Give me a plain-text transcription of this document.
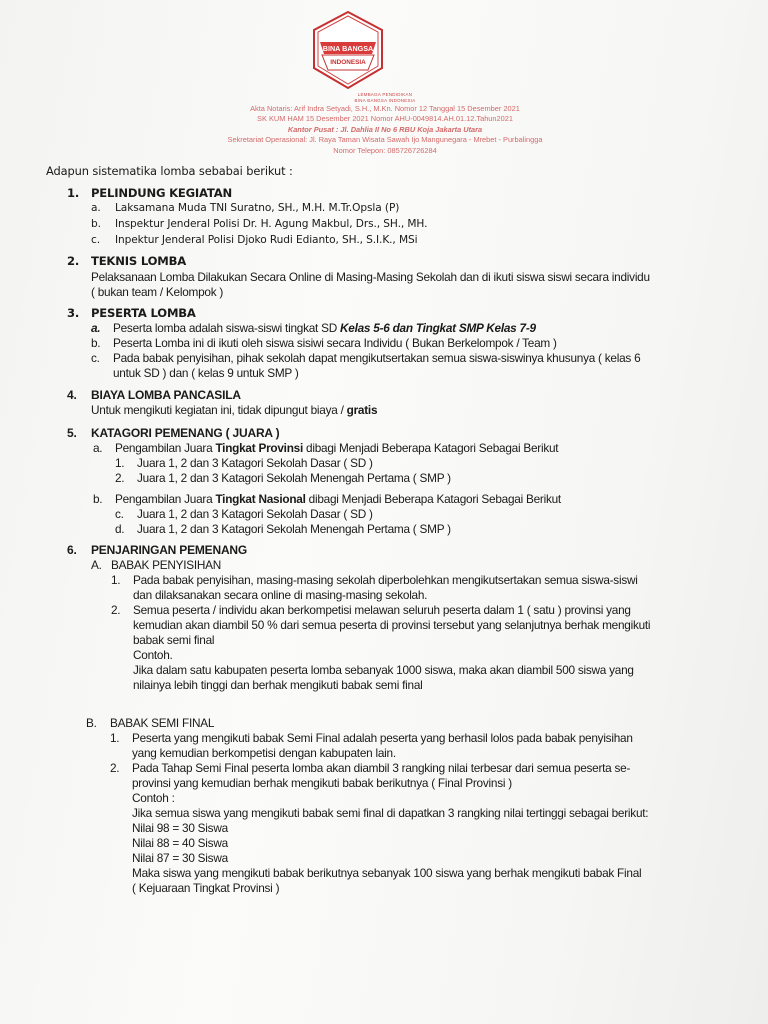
BINA BANGSA
INDONESIA
LEMBAGA PENDIDIKAN
BINA BANGSA INDONESIA
Akta Notaris: Arif Indra Setyadi, S.H., M.Kn. Nomor 12 Tanggal 15 Desember 2021
SK KUM HAM 15 Desember 2021 Nomor AHU-0049814.AH.01.12.Tahun2021
Kantor Pusat : Jl. Dahlia II No 6 RBU Koja Jakarta Utara
Sekretariat Operasional: Jl. Raya Taman Wisata Sawah Ijo Mangunegara - Mrebet - Purbalingga
Nomor Telepon: 085726726284
Adapun sistematika lomba sebabai berikut :
1.	PELINDUNG KEGIATAN
a.	Laksamana Muda TNI Suratno, SH., M.H. M.Tr.Opsla (P)
b.	Inspektur Jenderal Polisi Dr. H. Agung Makbul, Drs., SH., MH.
c.	Inpektur Jenderal Polisi Djoko Rudi Edianto, SH., S.I.K., MSi
2.	TEKNIS LOMBA
Pelaksanaan Lomba Dilakukan Secara Online di Masing-Masing Sekolah dan di ikuti siswa siswi secara individu
( bukan team / Kelompok )
3.	PESERTA LOMBA
a.	Peserta lomba adalah siswa-siswi tingkat SD Kelas 5-6 dan Tingkat SMP Kelas 7-9
b.	Peserta Lomba ini di ikuti oleh siswa sisiwi secara Individu ( Bukan Berkelompok / Team )
c.	Pada babak penyisihan, pihak sekolah dapat mengikutsertakan semua siswa-siswinya khusunya ( kelas 6
untuk SD ) dan ( kelas 9 untuk SMP )
4.	BIAYA LOMBA PANCASILA
Untuk mengikuti kegiatan ini, tidak dipungut biaya / gratis
5.	KATAGORI PEMENANG ( JUARA )
a.	Pengambilan Juara Tingkat Provinsi dibagi Menjadi Beberapa Katagori Sebagai Berikut
1.	Juara 1, 2 dan 3 Katagori Sekolah Dasar ( SD )
2.	Juara 1, 2 dan 3 Katagori Sekolah Menengah Pertama ( SMP )
b.	Pengambilan Juara Tingkat Nasional dibagi Menjadi Beberapa Katagori Sebagai Berikut
c.	Juara 1, 2 dan 3 Katagori Sekolah Dasar ( SD )
d.	Juara 1, 2 dan 3 Katagori Sekolah Menengah Pertama ( SMP )
6.	PENJARINGAN PEMENANG
A. BABAK PENYISIHAN
1.	Pada babak penyisihan, masing-masing sekolah diperbolehkan mengikutsertakan semua siswa-siswi
dan dilaksanakan secara online di masing-masing sekolah.
2.	Semua peserta / individu akan berkompetisi melawan seluruh peserta dalam 1 ( satu ) provinsi yang
kemudian akan diambil 50 % dari semua peserta di provinsi tersebut yang selanjutnya berhak mengikuti
babak semi final
Contoh.
Jika dalam satu kabupaten peserta lomba sebanyak 1000 siswa, maka akan diambil 500 siswa yang
nilainya lebih tinggi dan berhak mengikuti babak semi final
B.	BABAK SEMI FINAL
1.	Peserta yang mengikuti babak Semi Final adalah peserta yang berhasil lolos pada babak penyisihan
yang kemudian berkompetisi dengan kabupaten lain.
2.	Pada Tahap Semi Final peserta lomba akan diambil 3 rangking nilai terbesar dari semua peserta se-
provinsi yang kemudian berhak mengikuti babak berikutnya ( Final Provinsi )
Contoh :
Jika semua siswa yang mengikuti babak semi final di dapatkan 3 rangking nilai tertinggi sebagai berikut:
Nilai 98 = 30 Siswa
Nilai 88 = 40 Siswa
Nilai 87 = 30 Siswa
Maka siswa yang mengikuti babak berikutnya sebanyak 100 siswa yang berhak mengikuti babak Final
( Kejuaraan Tingkat Provinsi )
